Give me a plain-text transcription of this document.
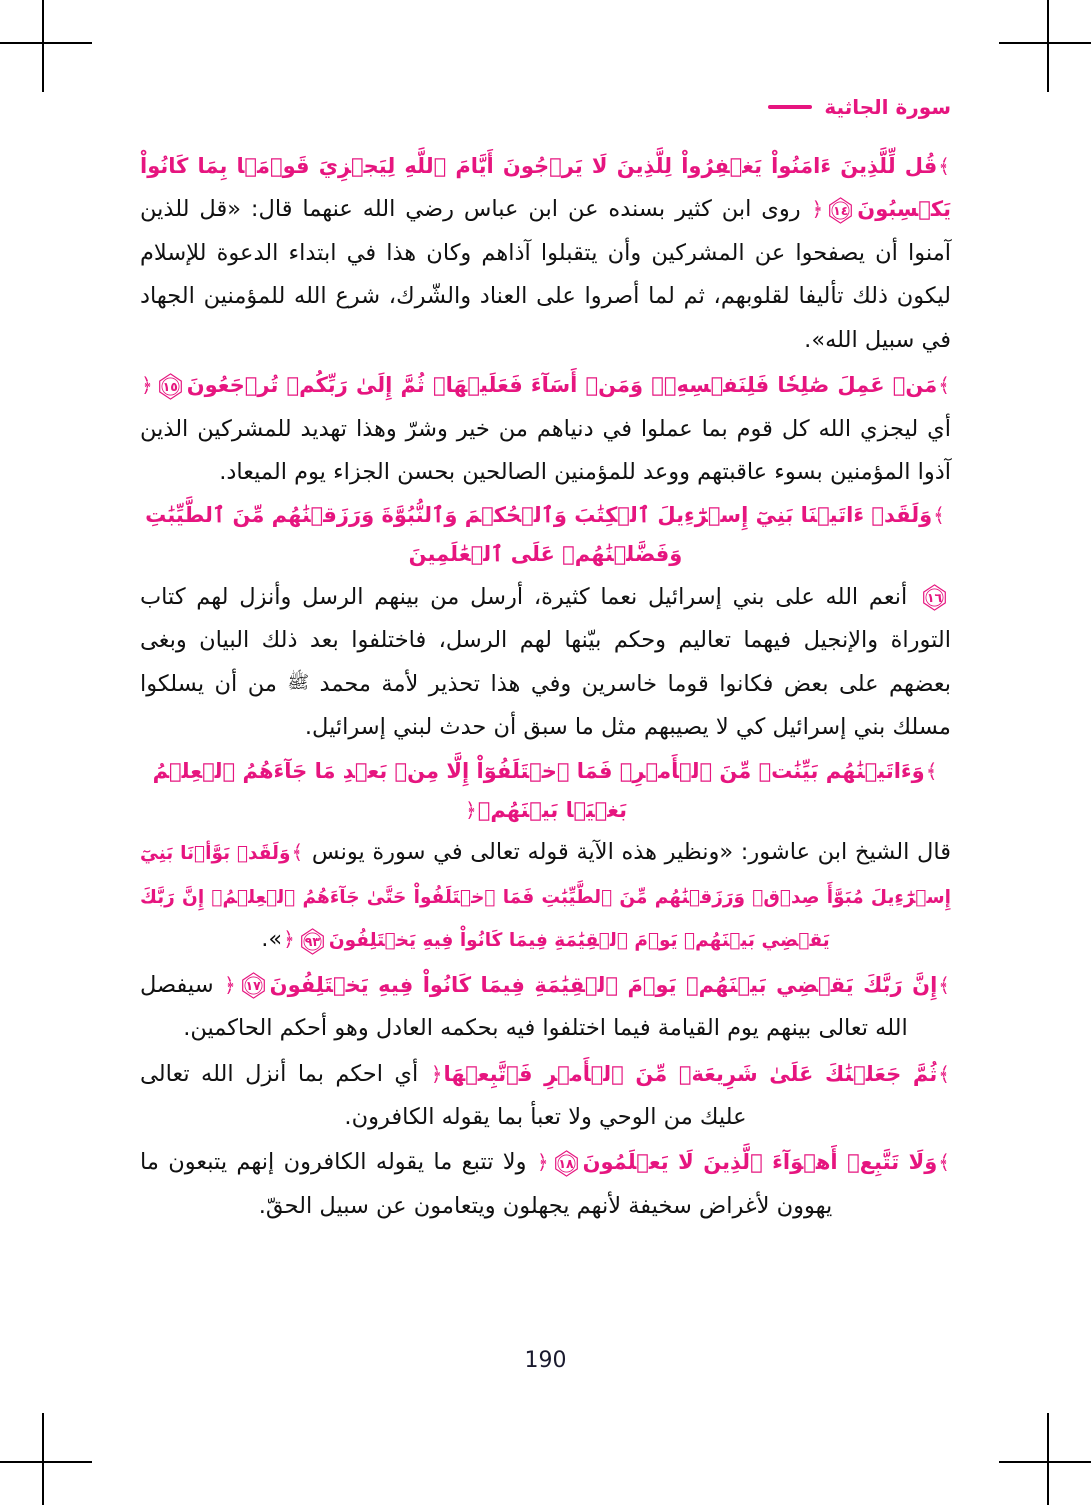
سورة الجاثية

﴾قُل لِّلَّذِينَ ءَامَنُواْ يَغۡفِرُواْ لِلَّذِينَ لَا يَرۡجُونَ أَيَّامَ ٱللَّهِ لِيَجۡزِيَ قَوۡمَۢا بِمَا كَانُواْ يَكۡسِبُونَ
١٤﴿ روى ابن كثير بسنده عن ابن عباس رضي الله عنهما قال: «قل للذين آمنوا أن يصفحوا عن المشركين وأن يتقبلوا آذاهم وكان هذا في ابتداء الدعوة للإسلام ليكون ذلك تأليفا لقلوبهم، ثم لما أصروا على العناد والشّرك، شرع الله للمؤمنين الجهاد في سبيل الله».

﴾مَنۡ عَمِلَ صَٰلِحٗا فَلِنَفۡسِهِۦۖ وَمَنۡ أَسَآءَ فَعَلَيۡهَاۖ ثُمَّ إِلَىٰ رَبِّكُمۡ تُرۡجَعُونَ
١٥﴿ أي ليجزي الله كل قوم بما عملوا في دنياهم من خير وشرّ وهذا تهديد للمشركين الذين آذوا المؤمنين بسوء عاقبتهم ووعد للمؤمنين الصالحين بحسن الجزاء يوم الميعاد.

﴾وَلَقَدۡ ءَاتَيۡنَا بَنِيٓ إِسۡرَٰٓءِيلَ ٱلۡكِتَٰبَ وَٱلۡحُكۡمَ وَٱلنُّبُوَّةَ وَرَزَقۡنَٰهُم مِّنَ ٱلطَّيِّبَٰتِ وَفَضَّلۡنَٰهُمۡ عَلَى ٱلۡعَٰلَمِينَ

١٦ أنعم الله على بني إسرائيل نعما كثيرة، أرسل من بينهم الرسل وأنزل لهم كتاب التوراة والإنجيل فيهما تعاليم وحكم بيّنها لهم الرسل، فاختلفوا بعد ذلك البيان وبغى بعضهم على بعض فكانوا قوما خاسرين وفي هذا تحذير لأمة محمد ﷺ من أن يسلكوا مسلك بني إسرائيل كي لا يصيبهم مثل ما سبق أن حدث لبني إسرائيل.

﴾وَءَاتَيۡنَٰهُم بَيِّنَٰتٖ مِّنَ ٱلۡأَمۡرِۖ فَمَا ٱخۡتَلَفُوٓاْ إِلَّا مِنۢ بَعۡدِ مَا جَآءَهُمُ ٱلۡعِلۡمُ بَغۡيَۢا بَيۡنَهُمۡ﴿

قال الشيخ ابن عاشور: «ونظير هذه الآية قوله تعالى في سورة يونس ﴾وَلَقَدۡ بَوَّأۡنَا بَنِيٓ إِسۡرَٰٓءِيلَ مُبَوَّأَ صِدۡقٖ وَرَزَقۡنَٰهُم مِّنَ ٱلطَّيِّبَٰتِ فَمَا ٱخۡتَلَفُواْ حَتَّىٰ جَآءَهُمُ ٱلۡعِلۡمُۚ إِنَّ رَبَّكَ يَقۡضِي بَيۡنَهُمۡ يَوۡمَ ٱلۡقِيَٰمَةِ فِيمَا كَانُواْ فِيهِ يَخۡتَلِفُونَ
٩٣﴿».

﴾إِنَّ رَبَّكَ يَقۡضِي بَيۡنَهُمۡ يَوۡمَ ٱلۡقِيَٰمَةِ فِيمَا كَانُواْ فِيهِ يَخۡتَلِفُونَ
١٧﴿ سيفصل الله تعالى بينهم يوم القيامة فيما اختلفوا فيه بحكمه العادل وهو أحكم الحاكمين.

﴾ثُمَّ جَعَلۡنَٰكَ عَلَىٰ شَرِيعَةٖ مِّنَ ٱلۡأَمۡرِ فَٱتَّبِعۡهَا﴿ أي احكم بما أنزل الله تعالى عليك من الوحي ولا تعبأ بما يقوله الكافرون.

﴾وَلَا تَتَّبِعۡ أَهۡوَآءَ ٱلَّذِينَ لَا يَعۡلَمُونَ
١٨﴿ ولا تتبع ما يقوله الكافرون إنهم يتبعون ما يهوون لأغراض سخيفة لأنهم يجهلون ويتعامون عن سبيل الحقّ.

190
